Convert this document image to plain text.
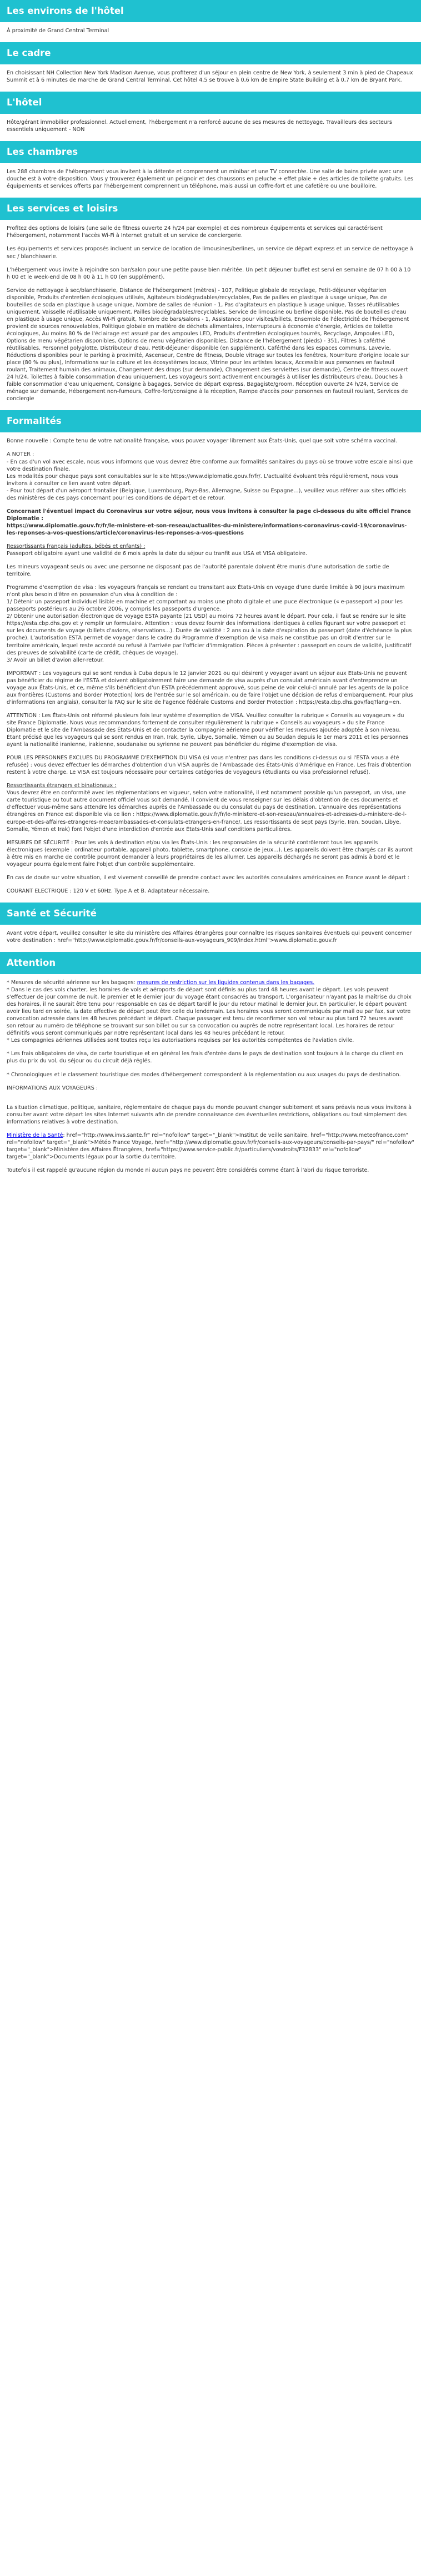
Les environs de l'hôtel

À proximité de Grand Central Terminal

Le cadre

En choisissant NH Collection New York Madison Avenue, vous profiterez d'un séjour en plein centre de New York, à seulement 3 min à pied de Chapeaux Summit et à 6 minutes de marche de Grand Central Terminal. Cet hôtel 4,5 se trouve à 0,6 km de Empire State Building et à 0,7 km de Bryant Park.

L'hôtel

Hôte/gérant immobilier professionnel. Actuellement, l'hébergement n'a renforcé aucune de ses mesures de nettoyage. Travailleurs des secteurs essentiels uniquement - NON

Les chambres

Les 288 chambres de l'hébergement vous invitent à la détente et comprennent un minibar et une TV connectée. Une salle de bains privée avec une douche est à votre disposition. Vous y trouverez également un peignoir et des chaussons en peluche + effet plaie + des articles de toilette gratuits. Les équipements et services offerts par l'hébergement comprennent un téléphone, mais aussi un coffre-fort et une cafetière ou une bouilloire.

Les services et loisirs

Profitez des options de loisirs (une salle de fitness ouverte 24 h/24 par exemple) et des nombreux équipements et services qui caractérisent l'hébergement, notamment l'accès Wi-Fi à Internet gratuit et un service de conciergerie.

Les équipements et services proposés incluent un service de location de limousines/berlines, un service de départ express et un service de nettoyage à sec / blanchisserie.

L'hébergement vous invite à rejoindre son bar/salon pour une petite pause bien méritée. Un petit déjeuner buffet est servi en semaine de 07 h 00 à 10 h 00 et le week-end de 08 h 00 à 11 h 00 (en supplément).

Service de nettoyage à sec/blanchisserie, Distance de l'hébergement (mètres) - 107, Politique globale de recyclage, Petit-déjeuner végétarien disponible, Produits d'entretien écologiques utilisés, Agitateurs biodégradables/recyclables, Pas de pailles en plastique à usage unique, Pas de bouteilles de soda en plastique à usage unique, Nombre de salles de réunion - 1, Pas d'agitateurs en plastique à usage unique, Tasses réutilisables uniquement, Vaisselle réutilisable uniquement, Pailles biodégradables/recyclables, Service de limousine ou berline disponible, Pas de bouteilles d'eau en plastique à usage unique, Accès Wi-Fi gratuit, Nombre de bars/salons - 1, Assistance pour visites/billets, Ensemble de l'électricité de l'hébergement provient de sources renouvelables, Politique globale en matière de déchets alimentaires, Interrupteurs à économie d'énergie, Articles de toilette écologiques, Au moins 80 % de l'éclairage est assuré par des ampoules LED, Produits d'entretien écologiques tourrés, Recyclage, Ampoules LED, Options de menu végétarien disponibles, Options de menu végétarien disponibles, Distance de l'hébergement (pieds) - 351, Filtres à café/thé réutilisables, Personnel polyglotte, Distributeur d'eau, Petit-déjeuner disponible (en supplément), Café/thé dans les espaces communs, Lavevie, Réductions disponibles pour le parking à proximité, Ascenseur, Centre de fitness, Double vitrage sur toutes les fenêtres, Nourriture d'origine locale sur place (80 % ou plus), Informations sur la culture et les écosystèmes locaux, Vitrine pour les artistes locaux, Accessible aux personnes en fauteuil roulant, Traitement humain des animaux, Changement des draps (sur demande), Changement des serviettes (sur demande), Centre de fitness ouvert 24 h/24, Toilettes à faible consommation d'eau uniquement, Les voyageurs sont activement encouragés à utiliser les distributeurs d'eau, Douches à faible consommation d'eau uniquement, Consigne à bagages, Service de départ express, Bagagiste/groom, Réception ouverte 24 h/24, Service de ménage sur demande, Hébergement non-fumeurs, Coffre-fort/consigne à la réception, Rampe d'accès pour personnes en fauteuil roulant, Services de conciergie

Formalités

Bonne nouvelle : Compte tenu de votre nationalité française, vous pouvez voyager librement aux États-Unis, quel que soit votre schéma vaccinal.

A NOTER :

- En cas d'un vol avec escale, nous vous informons que vous devrez être conforme aux formalités sanitaires du pays où se trouve votre escale ainsi que votre destination finale.

Les modalités pour chaque pays sont consultables sur le site https://www.diplomatie.gouv.fr/fr/. L'actualité évoluant très régulièrement, nous vous invitons à consulter ce lien avant votre départ.

- Pour tout départ d'un aéroport frontalier (Belgique, Luxembourg, Pays-Bas, Allemagne, Suisse ou Espagne...), veuillez vous référer aux sites officiels des ministères de ces pays concernant pour les conditions de départ et de retour.

Concernant l'éventuel impact du Coronavirus sur votre séjour, nous vous invitons à consulter la page ci-dessous du site officiel France Diplomatie :

https://www.diplomatie.gouv.fr/fr/le-ministere-et-son-reseau/actualites-du-ministere/informations-coronavirus-covid-19/coronavirus-les-reponses-a-vos-questions/article/coronavirus-les-reponses-a-vos-questions

Ressortissants français (adultes, bébés et enfants) :

Passeport obligatoire ayant une validité de 6 mois après la date du séjour ou tranfit aux USA et VISA obligatoire.

Les mineurs voyageant seuls ou avec une personne ne disposant pas de l'autorité parentale doivent être munis d'une autorisation de sortie de territoire.

Programme d'exemption de visa : les voyageurs français se rendant ou transitant aux États-Unis en voyage d'une durée limitée à 90 jours maximum n'ont plus besoin d'être en possession d'un visa à condition de :

1/ Détenir un passeport individuel lisible en machine et comportant au moins une photo digitale et une puce électronique (« e-passeport ») pour les passeports postérieurs au 26 octobre 2006, y compris les passeports d'urgence.

2/ Obtenir une autorisation électronique de voyage ESTA payante (21 USD) au moins 72 heures avant le départ. Pour cela, il faut se rendre sur le site https://esta.cbp.dhs.gov et y remplir un formulaire. Attention : vous devez fournir des informations identiques à celles figurant sur votre passeport et sur les documents de voyage (billets d'avions, réservations...). Durée de validité : 2 ans ou à la date d'expiration du passeport (date d'échéance la plus proche). L'autorisation ESTA permet de voyager dans le cadre du Programme d'exemption de visa mais ne constitue pas un droit d'entrer sur le territoire américain, lequel reste accordé ou refusé à l'arrivée par l'officier d'immigration. Pièces à présenter : passeport en cours de validité, justificatif des preuves de solvabilité (carte de crédit, chèques de voyage).

3/ Avoir un billet d'avion aller-retour.

IMPORTANT : Les voyageurs qui se sont rendus à Cuba depuis le 12 janvier 2021 ou qui désirent y voyager avant un séjour aux Etats-Unis ne peuvent pas bénéficier du régime de l'ESTA et doivent obligatoirement faire une demande de visa auprès d'un consulat américain avant d'entreprendre un voyage aux États-Unis, et ce, même s'ils bénéficient d'un ESTA précédemment approuvé, sous peine de voir celui-ci annulé par les agents de la police aux frontières (Customs and Border Protection) lors de l'entrée sur le sol américain, ou de faire l'objet une décision de refus d'embarquement. Pour plus d'informations (en anglais), consulter la FAQ sur le site de l'agence fédérale Customs and Border Protection : https://esta.cbp.dhs.gov/faq?lang=en.

ATTENTION : Les États-Unis ont réformé plusieurs fois leur système d'exemption de VISA. Veuillez consulter la rubrique « Conseils au voyageurs » du site France Diplomatie. Nous vous recommandons fortement de consulter régulièrement la rubrique « Conseils au voyageurs » du site France Diplomatie et le site de l'Ambassade des États-Unis et de contacter la compagnie aérienne pour vérifier les mesures ajoutée adoptée à son niveau. Étant précisé que les voyageurs qui se sont rendus en Iran, Irak, Syrie, Libye, Somalie, Yémen ou au Soudan depuis le 1er mars 2011 et les personnes ayant la nationalité iranienne, irakienne, soudanaise ou syrienne ne peuvent pas bénéficier du régime d'exemption de visa.

POUR LES PERSONNES EXCLUES DU PROGRAMME D'EXEMPTION DU VISA (si vous n'entrez pas dans les conditions ci-dessus ou si l'ESTA vous a été refusée) : vous devez effectuer les démarches d'obtention d'un VISA auprès de l'Ambassade des États-Unis d'Amérique en France. Les frais d'obtention restent à votre charge. Le VISA est toujours nécessaire pour certaines catégories de voyageurs (étudiants ou visa professionnel refusé).

Ressortissants étrangers et binationaux :

Vous devrez être en conformité avec les réglementations en vigueur, selon votre nationalité, il est notamment possible qu'un passeport, un visa, une carte touristique ou tout autre document officiel vous soit demandé. Il convient de vous renseigner sur les délais d'obtention de ces documents et d'effectuer vous-même sans attendre les démarches auprès de l'Ambassade ou du consulat du pays de destination. L'annuaire des représentations étrangères en France est disponible via ce lien : https://www.diplomatie.gouv.fr/fr/le-ministere-et-son-reseau/annuaires-et-adresses-du-ministere-de-l-europe-et-des-affaires-etrangeres-meae/ambassades-et-consulats-etrangers-en-france/. Les ressortissants de sept pays (Syrie, Iran, Soudan, Libye, Somalie, Yémen et Irak) font l'objet d'une interdiction d'entrée aux États-Unis sauf conditions particulières.

MESURES DE SÉCURITÉ : Pour les vols à destination et/ou via les États-Unis : les responsables de la sécurité contrôleront tous les appareils électroniques (exemple : ordinateur portable, appareil photo, tablette, smartphone, console de jeux...). Les appareils doivent être chargés car ils auront à être mis en marche de contrôle pourront demander à leurs propriétaires de les allumer. Les appareils déchargés ne seront pas admis à bord et le voyageur pourra également faire l'objet d'un contrôle supplémentaire.

En cas de doute sur votre situation, il est vivement conseillé de prendre contact avec les autorités consulaires américaines en France avant le départ :

COURANT ELECTRIQUE : 120 V et 60Hz. Type A et B. Adaptateur nécessaire.

Santé et Sécurité

Avant votre départ, veuillez consulter le site du ministère des Affaires étrangères pour connaître les risques sanitaires éventuels qui peuvent concerner votre destination : href="http://www.diplomatie.gouv.fr/fr/conseils-aux-voyageurs_909/index.html">www.diplomatie.gouv.fr

Attention

* Mesures de sécurité aérienne sur les bagages: mesures de restriction sur les liquides contenus dans les bagages.

* Dans le cas des vols charter, les horaires de vols et aéroports de départ sont définis au plus tard 48 heures avant le départ. Les vols peuvent s'effectuer de jour comme de nuit, le premier et le dernier jour du voyage étant consacrés au transport. L'organisateur n'ayant pas la maîtrise du choix des horaires, il ne saurait être tenu pour responsable en cas de départ tardif le jour du retour matinal le dernier jour. En particulier, le départ pouvant avoir lieu tard en soirée, la date effective de départ peut être celle du lendemain. Les horaires vous seront communiqués par mail ou par fax, sur votre convocation adressée dans les 48 heures précédant le départ. Chaque passager est tenu de reconfirmer son vol retour au plus tard 72 heures avant son retour au numéro de téléphone se trouvant sur son billet ou sur sa convocation ou auprès de notre représentant local. Les horaires de retour définitifs vous seront communiqués par notre représentant local dans les 48 heures précédant le retour.

* Les compagnies aériennes utilisées sont toutes reçu les autorisations requises par les autorités compétentes de l'aviation civile.

* Les frais obligatoires de visa, de carte touristique et en général les frais d'entrée dans le pays de destination sont toujours à la charge du client en plus du prix du vol, du séjour ou du circuit déjà réglés.

* Chronologiques et le classement touristique des modes d'hébergement correspondent à la réglementation ou aux usages du pays de destination.

INFORMATIONS AUX VOYAGEURS :

La situation climatique, politique, sanitaire, réglementaire de chaque pays du monde pouvant changer subitement et sans préavis nous vous invitons à consulter avant votre départ les sites Internet suivants afin de prendre connaissance des éventuelles restrictions, obligations ou tout simplement des informations relatives à votre destination.

Ministère de la Santé: href="http://www.invs.sante.fr" rel="nofollow" target="_blank">Institut de veille sanitaire, href="http://www.meteofrance.com" rel="nofollow" target="_blank">Météo France Voyage, href="http://www.diplomatie.gouv.fr/fr/conseils-aux-voyageurs/conseils-par-pays/" rel="nofollow" target="_blank">Ministère des Affaires Étrangères, href="https://www.service-public.fr/particuliers/vosdroits/F32833" rel="nofollow" target="_blank">Documents légaux pour la sortie du territoire.

Toutefois il est rappelé qu'aucune région du monde ni aucun pays ne peuvent être considérés comme étant à l'abri du risque terroriste.
